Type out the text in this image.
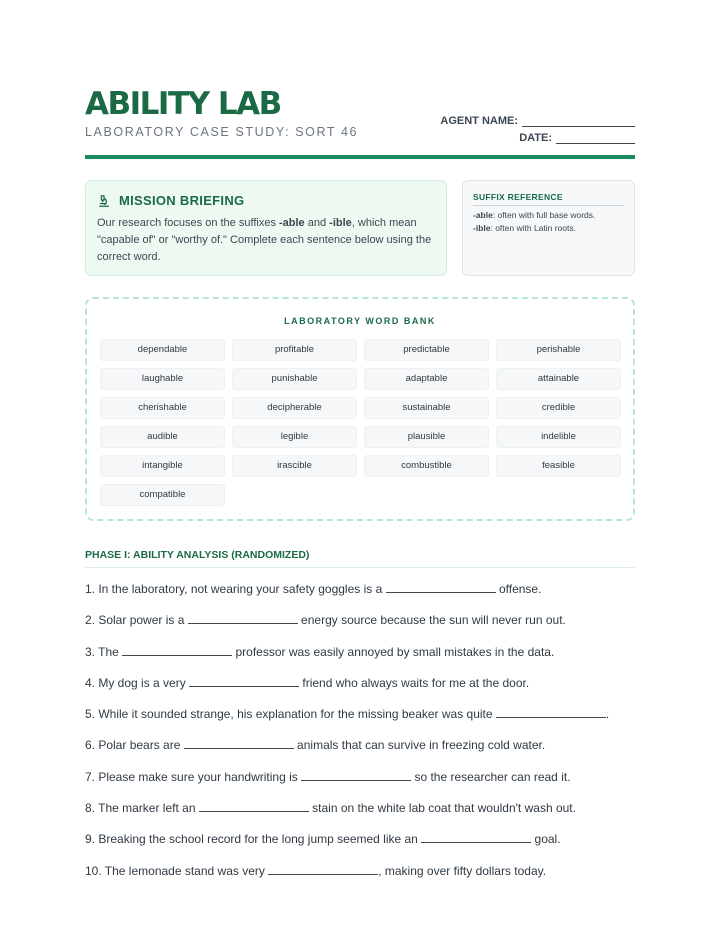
ABILITY LAB
LABORATORY CASE STUDY: SORT 46
AGENT NAME:
DATE:
MISSION BRIEFING
Our research focuses on the suffixes -able and -ible, which mean "capable of" or "worthy of." Complete each sentence below using the correct word.
SUFFIX REFERENCE
-able: often with full base words.
-ible: often with Latin roots.
LABORATORY WORD BANK
dependable	profitable	predictable	perishable
laughable	punishable	adaptable	attainable
cherishable	decipherable	sustainable	credible
audible	legible	plausible	indelible
intangible	irascible	combustible	feasible
compatible
PHASE I: ABILITY ANALYSIS (RANDOMIZED)
1. In the laboratory, not wearing your safety goggles is a	offense.
2. Solar power is a	energy source because the sun will never run out.
3. The	professor was easily annoyed by small mistakes in the data.
4. My dog is a very	friend who always waits for me at the door.
5. While it sounded strange, his explanation for the missing beaker was quite	.
6. Polar bears are	animals that can survive in freezing cold water.
7. Please make sure your handwriting is	so the researcher can read it.
8. The marker left an	stain on the white lab coat that wouldn't wash out.
9. Breaking the school record for the long jump seemed like an	goal.
10. The lemonade stand was very	, making over fifty dollars today.
